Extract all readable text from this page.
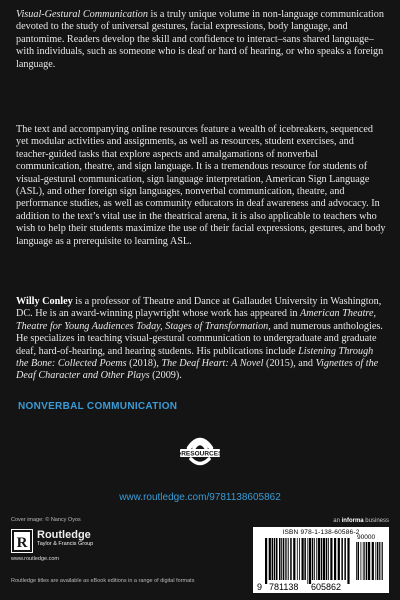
Visual-Gestural Communication is a truly unique volume in non-language communication devoted to the study of universal gestures, facial expressions, body language, and pantomime. Readers develop the skill and confidence to interact–sans shared language–with individuals, such as someone who is deaf or hard of hearing, or who speaks a foreign language.

The text and accompanying online resources feature a wealth of icebreakers, sequenced yet modular activities and assignments, as well as resources, student exercises, and teacher-guided tasks that explore aspects and amalgamations of nonverbal communication, theatre, and sign language. It is a tremendous resource for students of visual-gestural communication, sign language interpretation, American Sign Language (ASL), and other foreign sign languages, nonverbal communication, theatre, and performance studies, as well as community educators in deaf awareness and advocacy. In addition to the text’s vital use in the theatrical arena, it is also applicable to teachers who wish to help their students maximize the use of their facial expressions, gestures, and body language as a prerequisite to learning ASL.

Willy Conley is a professor of Theatre and Dance at Gallaudet University in Washington, DC. He is an award-winning playwright whose work has appeared in American Theatre, Theatre for Young Audiences Today, Stages of Transformation, and numerous anthologies. He specializes in teaching visual-gestural communication to undergraduate and graduate deaf, hard-of-hearing, and hearing students. His publications include Listening Through the Bone: Collected Poems (2018), The Deaf Heart: A Novel (2015), and Vignettes of the Deaf Character and Other Plays (2009).

NONVERBAL COMMUNICATION
eRESOURCES
www.routledge.com/9781138605862
Cover image: © Nancy Oyos
R Routledge
Taylor & Francis Group
www.routledge.com
Routledge titles are available as eBook editions in a range of digital formats
an informa business
ISBN 978-1-138-60586-2
9 781138 605862
90000
